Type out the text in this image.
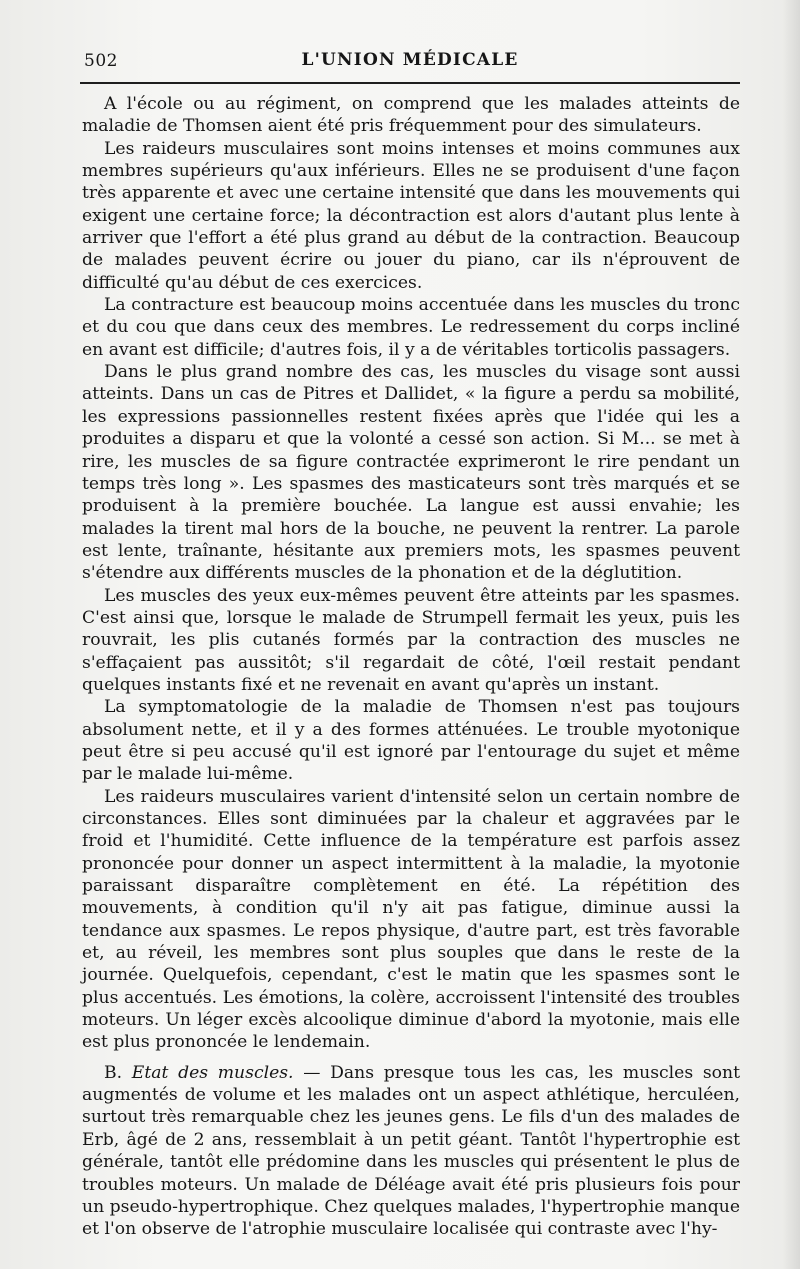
502	L'UNION MÉDICALE

A l'école ou au régiment, on comprend que les malades atteints de maladie de Thomsen aient été pris fréquemment pour des simulateurs.

Les raideurs musculaires sont moins intenses et moins communes aux membres supérieurs qu'aux inférieurs. Elles ne se produisent d'une façon très apparente et avec une certaine intensité que dans les mouvements qui exigent une certaine force; la décontraction est alors d'autant plus lente à arriver que l'effort a été plus grand au début de la contraction. Beaucoup de malades peuvent écrire ou jouer du piano, car ils n'éprouvent de difficulté qu'au début de ces exercices.

La contracture est beaucoup moins accentuée dans les muscles du tronc et du cou que dans ceux des membres. Le redressement du corps incliné en avant est difficile; d'autres fois, il y a de véritables torticolis passagers.

Dans le plus grand nombre des cas, les muscles du visage sont aussi atteints. Dans un cas de Pitres et Dallidet, « la figure a perdu sa mobilité, les expressions passionnelles restent fixées après que l'idée qui les a produites a disparu et que la volonté a cessé son action. Si M... se met à rire, les muscles de sa figure contractée exprimeront le rire pendant un temps très long ». Les spasmes des masticateurs sont très marqués et se produisent à la première bouchée. La langue est aussi envahie; les malades la tirent mal hors de la bouche, ne peuvent la rentrer. La parole est lente, traînante, hésitante aux premiers mots, les spasmes peuvent s'étendre aux différents muscles de la phonation et de la déglutition.

Les muscles des yeux eux-mêmes peuvent être atteints par les spasmes. C'est ainsi que, lorsque le malade de Strumpell fermait les yeux, puis les rouvrait, les plis cutanés formés par la contraction des muscles ne s'effaçaient pas aussitôt; s'il regardait de côté, l'œil restait pendant quelques instants fixé et ne revenait en avant qu'après un instant.

La symptomatologie de la maladie de Thomsen n'est pas toujours absolument nette, et il y a des formes atténuées. Le trouble myotonique peut être si peu accusé qu'il est ignoré par l'entourage du sujet et même par le malade lui-même.

Les raideurs musculaires varient d'intensité selon un certain nombre de circonstances. Elles sont diminuées par la chaleur et aggravées par le froid et l'humidité. Cette influence de la température est parfois assez prononcée pour donner un aspect intermittent à la maladie, la myotonie paraissant disparaître complètement en été. La répétition des mouvements, à condition qu'il n'y ait pas fatigue, diminue aussi la tendance aux spasmes. Le repos physique, d'autre part, est très favorable et, au réveil, les membres sont plus souples que dans le reste de la journée. Quelquefois, cependant, c'est le matin que les spasmes sont le plus accentués. Les émotions, la colère, accroissent l'intensité des troubles moteurs. Un léger excès alcoolique diminue d'abord la myotonie, mais elle est plus prononcée le lendemain.

B. Etat des muscles. — Dans presque tous les cas, les muscles sont augmentés de volume et les malades ont un aspect athlétique, herculéen, surtout très remarquable chez les jeunes gens. Le fils d'un des malades de Erb, âgé de 2 ans, ressemblait à un petit géant. Tantôt l'hypertrophie est générale, tantôt elle prédomine dans les muscles qui présentent le plus de troubles moteurs. Un malade de Déléage avait été pris plusieurs fois pour un pseudo-hypertrophique. Chez quelques malades, l'hypertrophie manque et l'on observe de l'atrophie musculaire localisée qui contraste avec l'hy-
